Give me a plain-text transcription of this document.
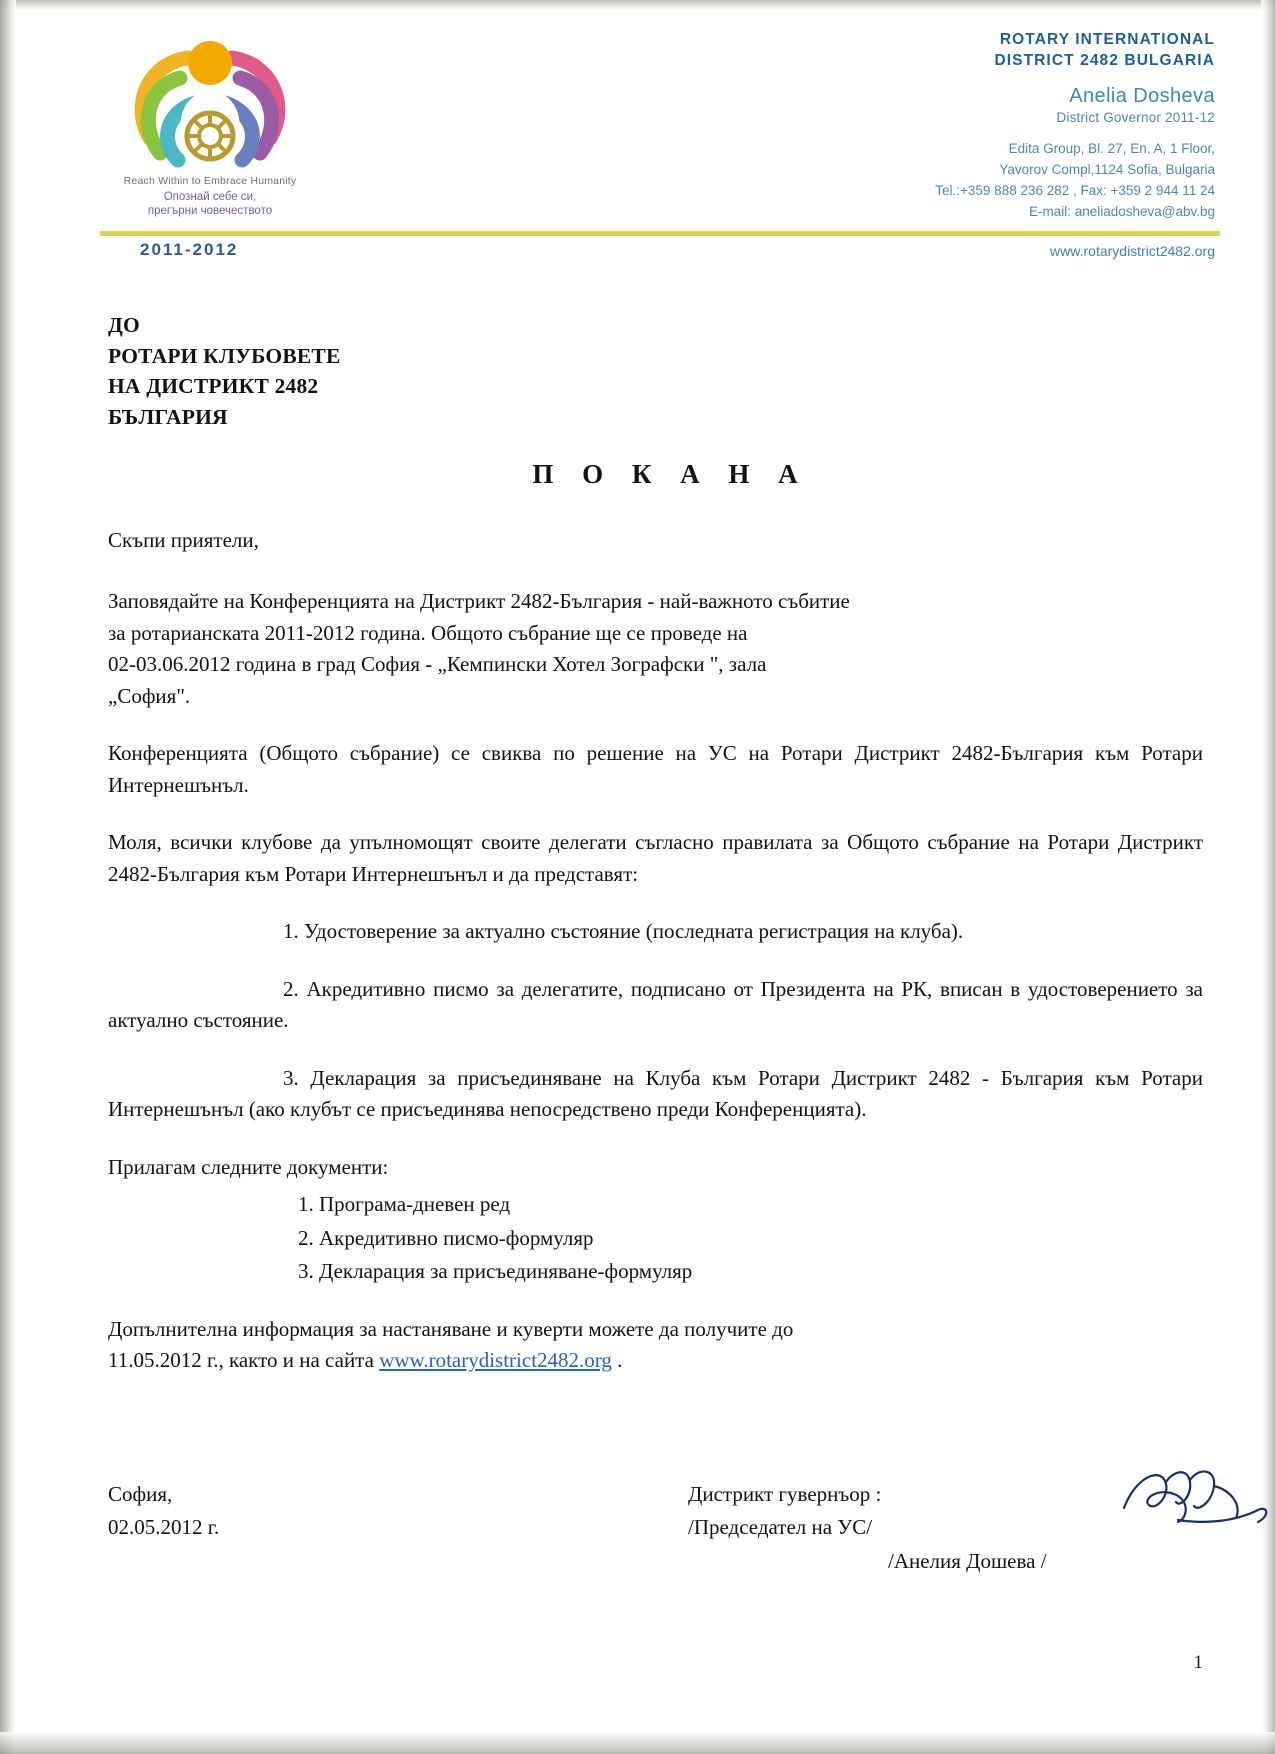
Reach Within to Embrace Humanity
Опознай себе си,
прегърни човечеството
ROTARY INTERNATIONAL
DISTRICT 2482 BULGARIA
Anelia Dosheva
District Governor 2011-12
Edita Group, Bl. 27, En. A, 1 Floor,
Yavorov Compl,1124 Sofia, Bulgaria
Tel.:+359 888 236 282 , Fax: +359 2 944 11 24
E-mail: aneliadosheva@abv.bg
2011-2012	www.rotarydistrict2482.org
ДО
РОТАРИ КЛУБОВЕТЕ
НА ДИСТРИКТ 2482
БЪЛГАРИЯ
П О К А Н А

Скъпи приятели,

Заповядайте на Конференцията на Дистрикт 2482-България - най-важното събитие
за ротарианската 2011-2012 година. Общото събрание ще се проведе на
02-03.06.2012 година в град София - „Кемпински Хотел Зографски ", зала
„София".

Конференцията (Общото събрание) се свиква по решение на УС на Ротари Дистрикт 2482-България към Ротари Интернешънъл.

Моля, всички клубове да упълномощят своите делегати съгласно правилата за Общото събрание на Ротари Дистрикт 2482-България към Ротари Интернешънъл и да представят:

1. Удостоверение за актуално състояние (последната регистрация на клуба).

2. Акредитивно писмо за делегатите, подписано от Президента на РК, вписан в удостоверението за актуално състояние.

3. Декларация за присъединяване на Клуба към Ротари Дистрикт 2482 - България към Ротари Интернешънъл (ако клубът се присъединява непосредствено преди Конференцията).

Прилагам следните документи:

1. Програма-дневен ред
2. Акредитивно писмо-формуляр
3. Декларация за присъединяване-формуляр

Допълнителна информация за настаняване и куверти можете да получите до
11.05.2012 г., както и на сайта www.rotarydistrict2482.org .

София,
02.05.2012 г.
Дистрикт гувернъор :
/Председател на УС/
/Анелия Дошева /
1
